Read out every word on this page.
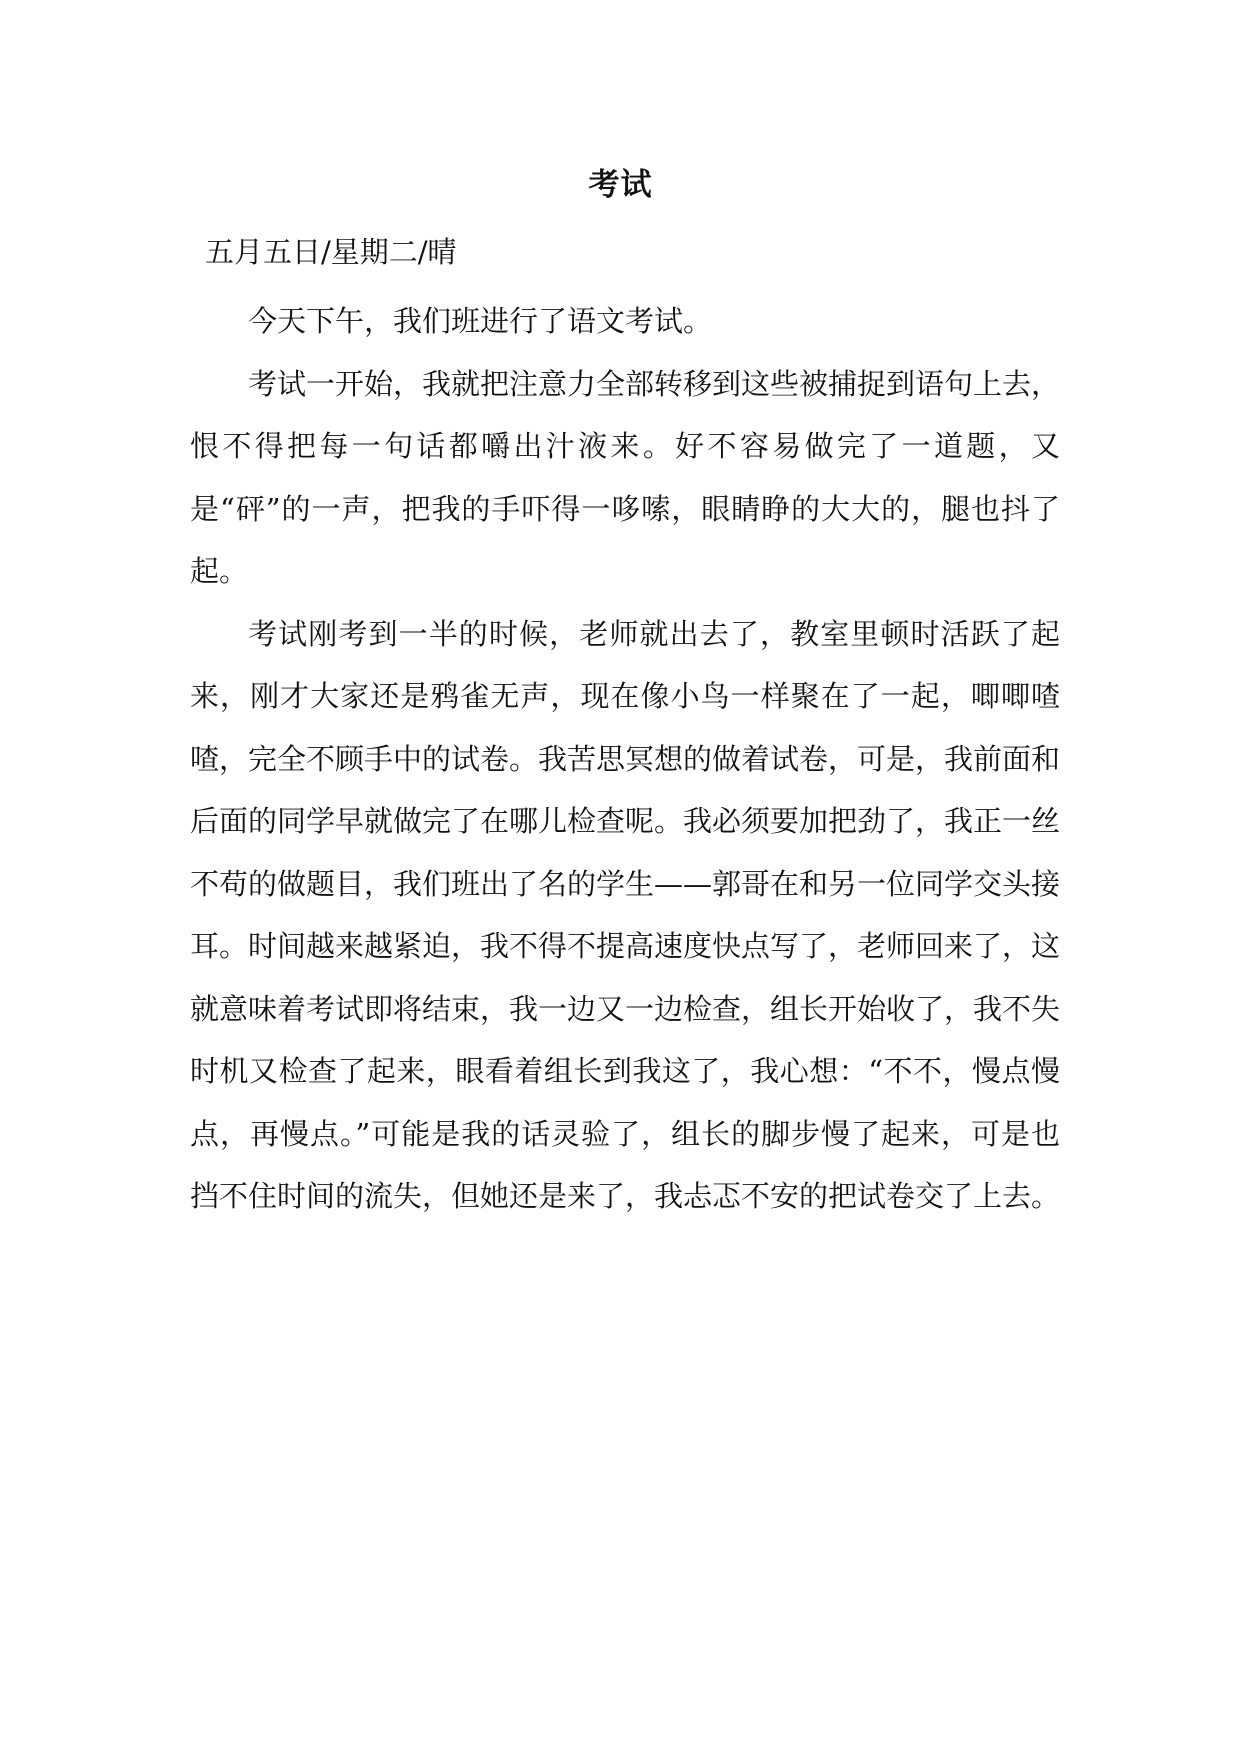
考试
五月五日/星期二/晴

今天下午，我们班进行了语文考试。

考试一开始，我就把注意力全部转移到这些被捕捉到语句上去，恨不得把每一句话都嚼出汁液来。好不容易做完了一道题，又是“砰”的一声，把我的手吓得一哆嗦，眼睛睁的大大的，腿也抖了起。

考试刚考到一半的时候，老师就出去了，教室里顿时活跃了起来，刚才大家还是鸦雀无声，现在像小鸟一样聚在了一起，唧唧喳喳，完全不顾手中的试卷。我苦思冥想的做着试卷，可是，我前面和后面的同学早就做完了在哪儿检查呢。我必须要加把劲了，我正一丝不苟的做题目，我们班出了名的学生——郭哥在和另一位同学交头接耳。时间越来越紧迫，我不得不提高速度快点写了，老师回来了，这就意味着考试即将结束，我一边又一边检查，组长开始收了，我不失时机又检查了起来，眼看着组长到我这了，我心想：“不不，慢点慢点，再慢点。”可能是我的话灵验了，组长的脚步慢了起来，可是也挡不住时间的流失，但她还是来了，我忐忑不安的把试卷交了上去。
